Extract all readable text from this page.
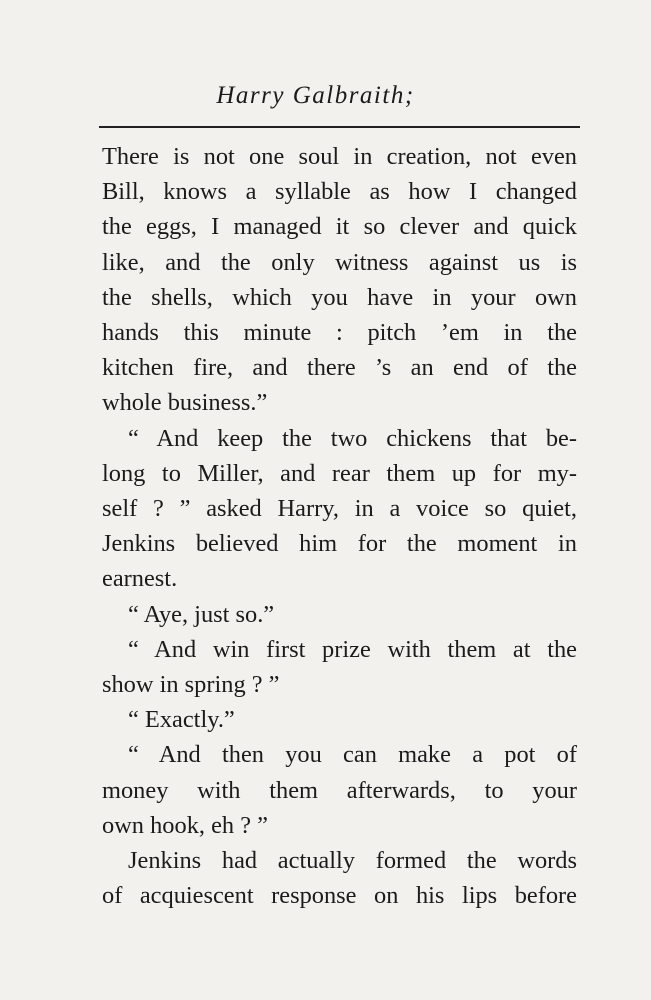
Harry Galbraith;
There is not one soul in creation, not even
Bill, knows a syllable as how I changed
the eggs, I managed it so clever and quick
like, and the only witness against us is
the shells, which you have in your own
hands this minute : pitch ’em in the
kitchen fire, and there ’s an end of the
whole business.”
“ And keep the two chickens that be-
long to Miller, and rear them up for my-
self ? ” asked Harry, in a voice so quiet,
Jenkins believed him for the moment in
earnest.
“ Aye, just so.”
“ And win first prize with them at the
show in spring ? ”
“ Exactly.”
“ And then you can make a pot of
money with them afterwards, to your
own hook, eh ? ”
Jenkins had actually formed the words
of acquiescent response on his lips before
